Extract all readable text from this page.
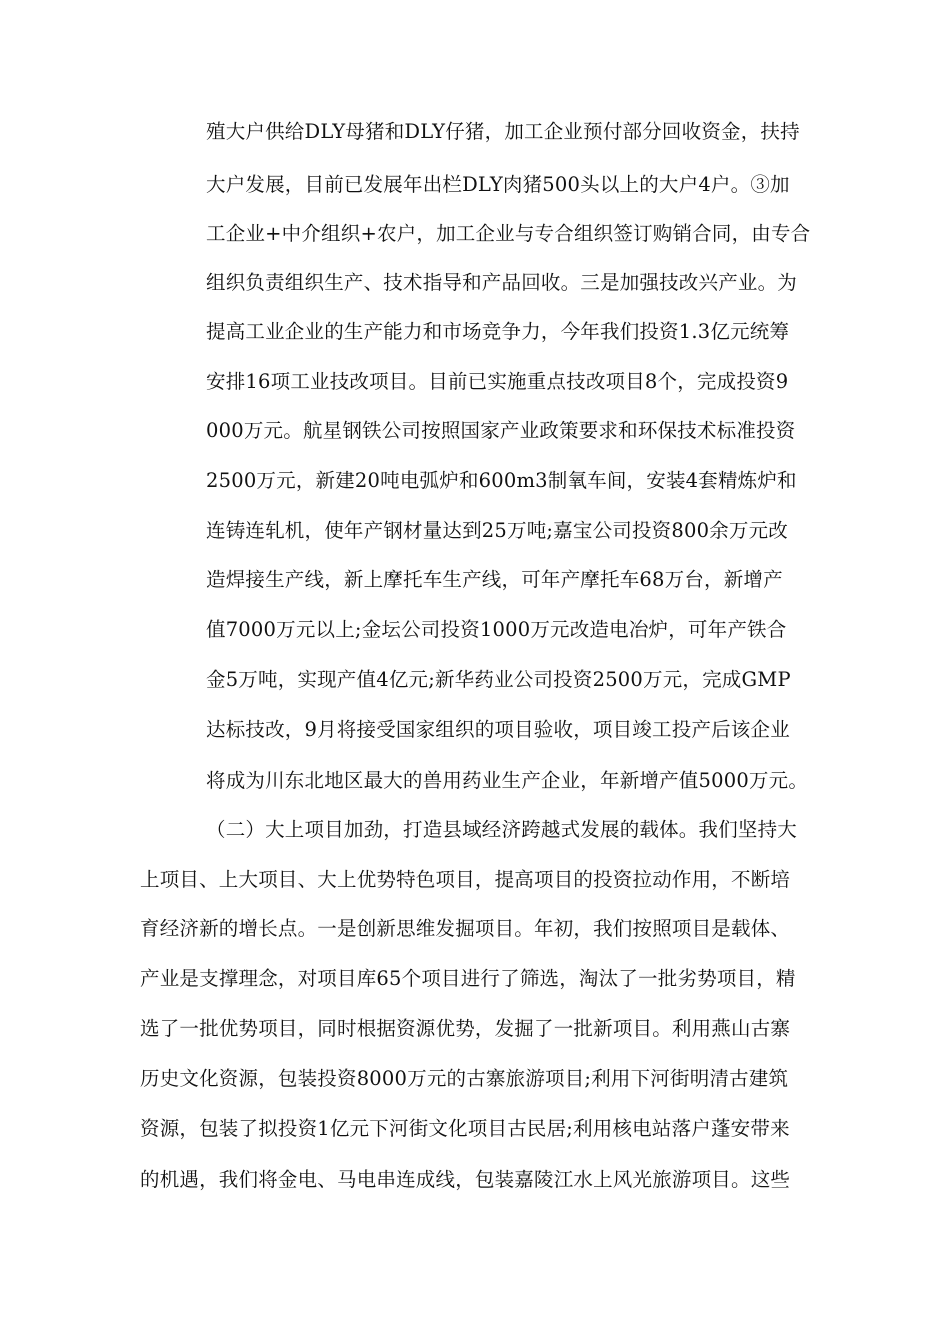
殖大户供给DLY母猪和DLY仔猪，加工企业预付部分回收资金，扶持

大户发展，目前已发展年出栏DLY肉猪500头以上的大户4户。③加

工企业+中介组织+农户，加工企业与专合组织签订购销合同，由专合

组织负责组织生产、技术指导和产品回收。三是加强技改兴产业。为

提高工业企业的生产能力和市场竞争力，今年我们投资1.3亿元统筹

安排16项工业技改项目。目前已实施重点技改项目8个，完成投资9

000万元。航星钢铁公司按照国家产业政策要求和环保技术标准投资

2500万元，新建20吨电弧炉和600m3制氧车间，安装4套精炼炉和

连铸连轧机，使年产钢材量达到25万吨;嘉宝公司投资800余万元改

造焊接生产线，新上摩托车生产线，可年产摩托车68万台，新增产

值7000万元以上;金坛公司投资1000万元改造电冶炉，可年产铁合

金5万吨，实现产值4亿元;新华药业公司投资2500万元，完成GMP

达标技改，9月将接受国家组织的项目验收，项目竣工投产后该企业

将成为川东北地区最大的兽用药业生产企业，年新增产值5000万元。

（二）大上项目加劲，打造县域经济跨越式发展的载体。我们坚持大

上项目、上大项目、大上优势特色项目，提高项目的投资拉动作用，不断培

育经济新的增长点。一是创新思维发掘项目。年初，我们按照项目是载体、

产业是支撑理念，对项目库65个项目进行了筛选，淘汰了一批劣势项目，精

选了一批优势项目，同时根据资源优势，发掘了一批新项目。利用燕山古寨

历史文化资源，包装投资8000万元的古寨旅游项目;利用下河街明清古建筑

资源，包装了拟投资1亿元下河街文化项目古民居;利用核电站落户蓬安带来

的机遇，我们将金电、马电串连成线，包装嘉陵江水上风光旅游项目。这些
